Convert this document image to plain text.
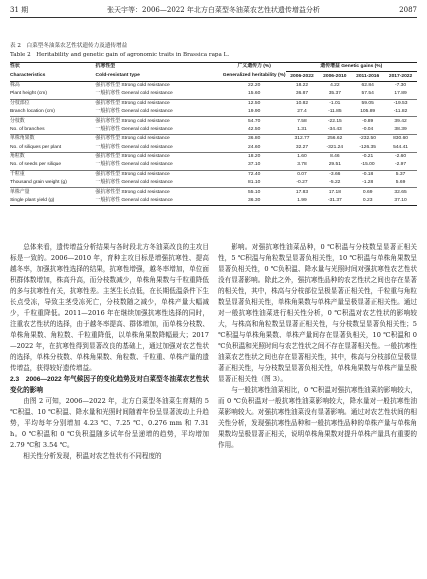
31 期	张天宇等：2006—2022 年北方白菜型冬油菜农艺性状遗传增益分析	2087
表 2　白菜型冬油菜农艺性状遗传力及遗传增益
Table 2　Heritability and genetic gain of agronomic traits in Brassica rapa L.
性状	抗寒性型	广义遗传力 (%)	遗传增益 Genetic gains (%)			
Characteristics	Cold-resistant type	Generalized heritability (%)	2006-2022	2006-2010	2011-2016	2017-2022
株高	强抗寒性型 Strong cold resistance	22.20	18.22	4.22	62.84	-7.30
Plant height (cm)	一般抗寒性 General cold resistance	15.60	36.87	35.37	57.54	17.89
分枝部位	强抗寒性型 Strong cold resistance	12.50	10.82	-1.01	59.05	-19.53
Branch location (cm)	一般抗寒性 General cold resistance	19.90	27.4	-11.85	105.89	-11.82
分枝数	强抗寒性型 Strong cold resistance	54.70	7.58	-22.15	-0.89	39.42
No. of branches	一般抗寒性 General cold resistance	42.50	1.31	-34.43	-0.04	38.39
单株角果数	强抗寒性型 Strong cold resistance	36.80	312.77	256.62	-232.50	830.60
No. of siliques per plant	一般抗寒性 General cold resistance	24.60	32.27	-321.24	-126.35	544.41
角粒数	强抗寒性型 Strong cold resistance	18.20	1.60	8.46	-0.21	-2.60
No. of seeds per silique	一般抗寒性 General cold resistance	37.10	3.78	29.51	-15.00	-2.97
千粒重	强抗寒性型 Strong cold resistance	72.40	0.07	-3.66	-0.18	5.37
Thousand grain weight (g)	一般抗寒性 General cold resistance	81.10	-0.27	-5.22	-1.28	5.69
单株产量	强抗寒性型 Strong cold resistance	55.10	17.83	17.18	0.69	32.65
Single plant yield (g)	一般抗寒性 General cold resistance	36.30	1.99	-31.37	0.23	37.10

总体来看，遗传增益分析结果与各时段北方冬油菜改良的主攻目标是一致的。2006—2010 年，育种主攻目标是增强抗寒性、提高越冬率，加强抗寒性选择的结果，抗寒性增强，越冬率增加，单位面积群体数增加，株高升高，而分枝数减少，单株角果数与千粒重降低的多与抗寒性有关，抗寒性差。主茎生长点低，在长期低温条件下生长点受冻，导致主茎受冻死亡，分枝数随之减少，单株产量大幅减少，千粒重降低。2011—2016 年在继续加强抗寒性选择的同时，注重农艺性状的选择，由于越冬率提高、群体增加，而单株分枝数、单株角果数、角粒数、千粒重降低，以单株角果数降幅最大；2017—2022 年，在抗寒性得到显著改良的基础上，通过加强对农艺性状的选择，单株分枝数、单株角果数、角粒数、千粒重、单株产量的遗传增益，获得较好遗传增益。

2.3　2006—2022 年气候因子的变化趋势及对白菜型冬油菜农艺性状变化的影响

由图 2 可知，2006—2022 年，北方白菜型冬油菜生育期的 5 ℃积温、10 ℃积温、降水量和光照时间随着年份呈显著波动上升趋势，平均每年分别增加 4.23 ℃、7.25 ℃、0.276 mm 和 7.31 h。0 ℃积温和 0 ℃负积温随多试年份呈递增的趋势，平均增加 2.79 ℃和 3.54 ℃。

相关性分析发现，积温对农艺性状有不同程度的

影响。对强抗寒性油菜品种，0 ℃积温与分枝数呈显著正相关性，5 ℃积温与角粒数呈显著负相关性，10 ℃积温与单株角果数呈显著负相关性，0 ℃负积温、降水量与光照时间对强抗寒性农艺性状没有显著影响。除此之外，强抗寒性品种的农艺性状之间也存在显著的相关性，其中，株高与分枝部位呈极显著正相关性，千粒重与角粒数呈显著负相关性，单株角果数与单株产量呈极显著正相关性。通过对一般抗寒性油菜进行相关性分析，0 ℃积温对农艺性状的影响较大，与株高和角粒数呈显著正相关性，与分枝数呈显著负相关性；5 ℃积温与单株角果数、单株产量间存在显著负相关，10 ℃积温和 0 ℃负积温和光照时间与农艺性状之间不存在显著相关性。一般抗寒性油菜农艺性状之间也存在显著相关性，其中，株高与分枝部位呈极显著正相关性，与分枝数呈显著负相关性，单株角果数与单株产量呈极显著正相关性（图 3）。

与一般抗寒性油菜相比，0 ℃积温对强抗寒性油菜的影响较大，而 0 ℃负积温对一般抗寒性油菜影响较大，降水量对一般抗寒性油菜影响较大。对强抗寒性油菜没有显著影响。通过对农艺性状间的相关性分析，发现强抗寒性品种和一般抗寒性品种的单株产量与单株角果数均呈极显著正相关，说明单株角果数对提升单株产量具有重要的作用。
